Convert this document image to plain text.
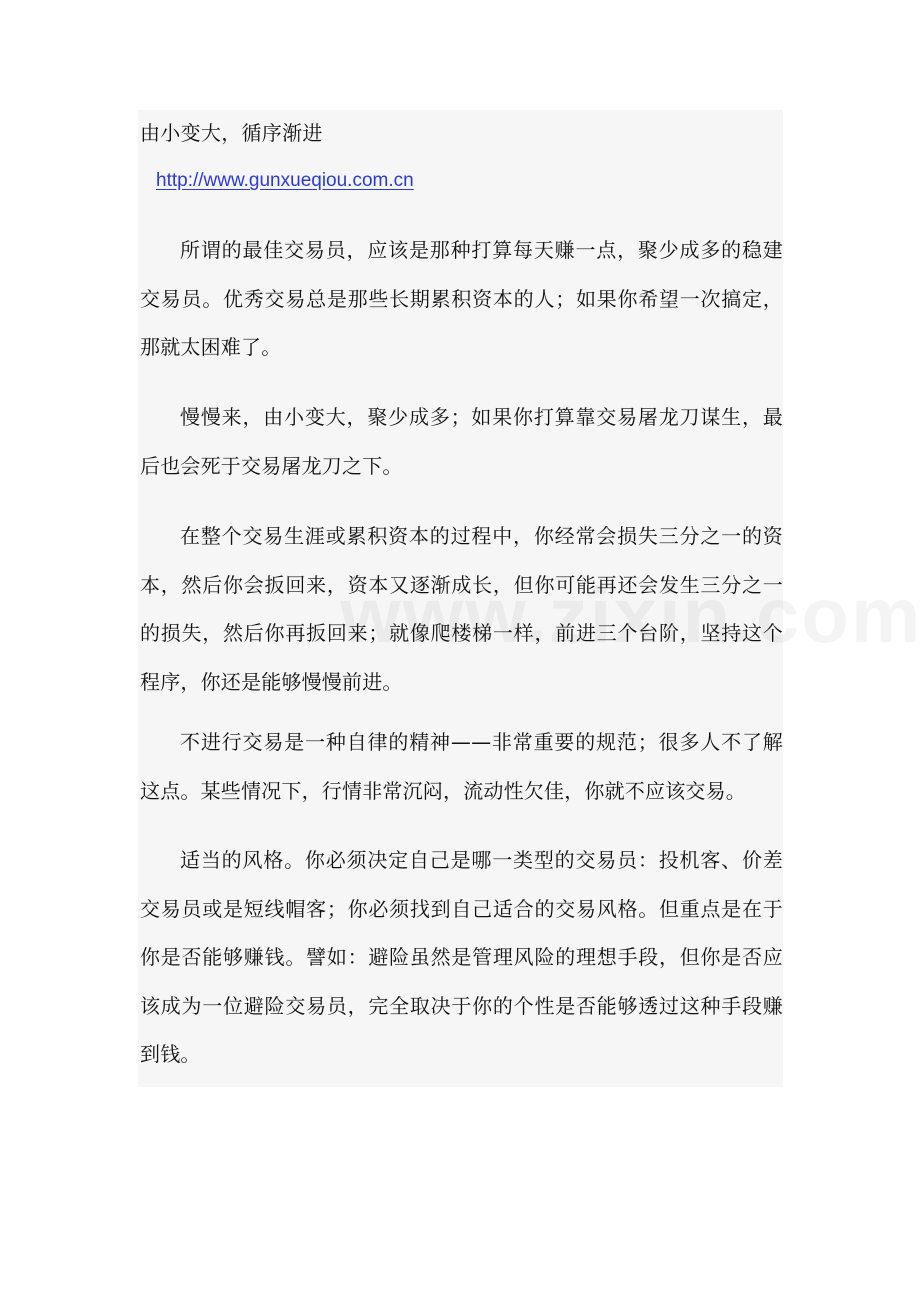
由小变大，循序渐进
http://www.gunxueqiou.com.cn

所谓的最佳交易员，应该是那种打算每天赚一点，聚少成多的稳建交易员。优秀交易总是那些长期累积资本的人；如果你希望一次搞定，那就太困难了。

慢慢来，由小变大，聚少成多；如果你打算靠交易屠龙刀谋生，最后也会死于交易屠龙刀之下。

在整个交易生涯或累积资本的过程中，你经常会损失三分之一的资本，然后你会扳回来，资本又逐渐成长，但你可能再还会发生三分之一的损失，然后你再扳回来；就像爬楼梯一样，前进三个台阶，坚持这个程序，你还是能够慢慢前进。

不进行交易是一种自律的精神——非常重要的规范；很多人不了解这点。某些情况下，行情非常沉闷，流动性欠佳，你就不应该交易。

适当的风格。你必须决定自己是哪一类型的交易员：投机客、价差交易员或是短线帽客；你必须找到自己适合的交易风格。但重点是在于你是否能够赚钱。譬如：避险虽然是管理风险的理想手段，但你是否应该成为一位避险交易员，完全取决于你的个性是否能够透过这种手段赚到钱。
